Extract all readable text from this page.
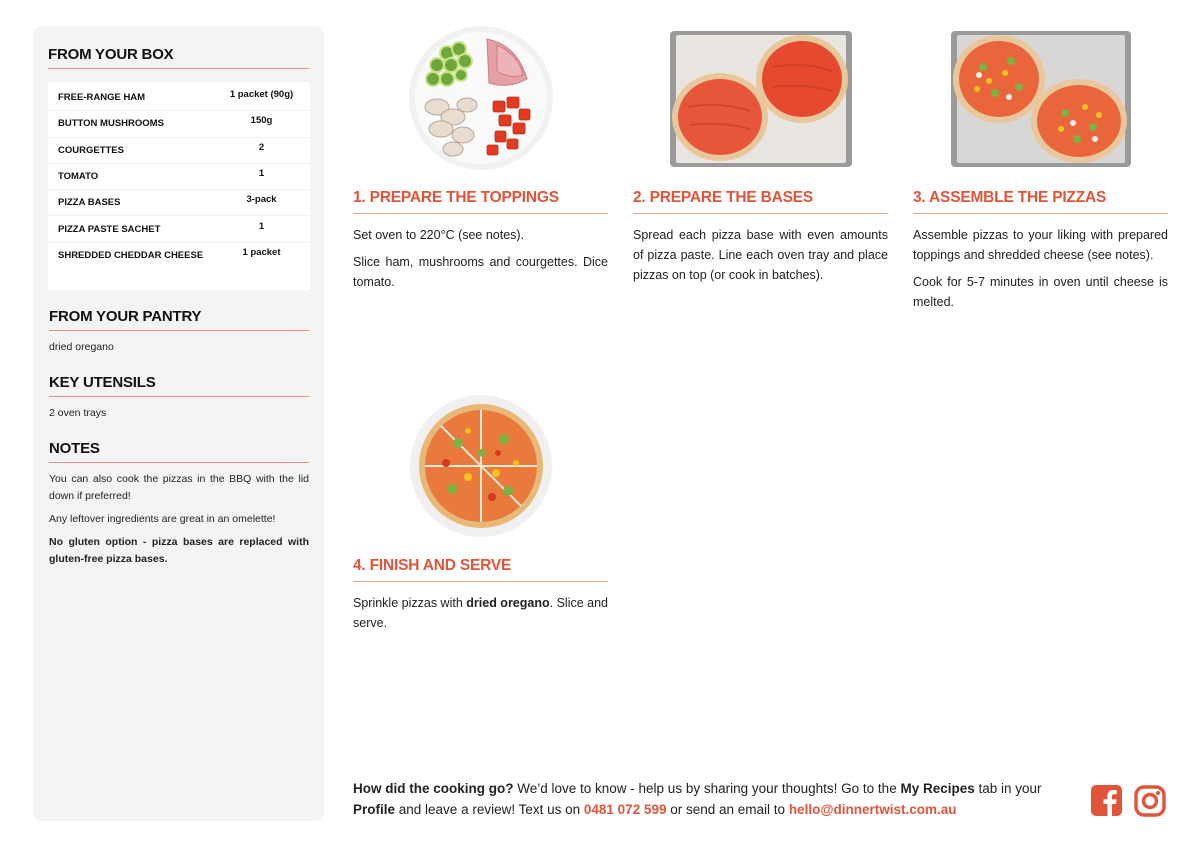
FROM YOUR BOX
FREE-RANGE HAM	1 packet (90g)
BUTTON MUSHROOMS	150g
COURGETTES	2
TOMATO	1
PIZZA BASES	3-pack
PIZZA PASTE SACHET	1
SHREDDED CHEDDAR CHEESE	1 packet
FROM YOUR PANTRY
dried oregano
KEY UTENSILS
2 oven trays
NOTES
You can also cook the pizzas in the BBQ with the lid down if preferred!
Any leftover ingredients are great in an omelette!
No gluten option - pizza bases are replaced with gluten-free pizza bases.
1. PREPARE THE TOPPINGS
Set oven to 220°C (see notes).
Slice ham, mushrooms and courgettes. Dice tomato.
2. PREPARE THE BASES
Spread each pizza base with even amounts of pizza paste. Line each oven tray and place pizzas on top (or cook in batches).
3. ASSEMBLE THE PIZZAS
Assemble pizzas to your liking with prepared toppings and shredded cheese (see notes).
Cook for 5-7 minutes in oven until cheese is melted.
4. FINISH AND SERVE
Sprinkle pizzas with dried oregano. Slice and serve.
How did the cooking go? We’d love to know - help us by sharing your thoughts! Go to the My Recipes tab in your Profile and leave a review! Text us on 0481 072 599 or send an email to hello@dinnertwist.com.au
